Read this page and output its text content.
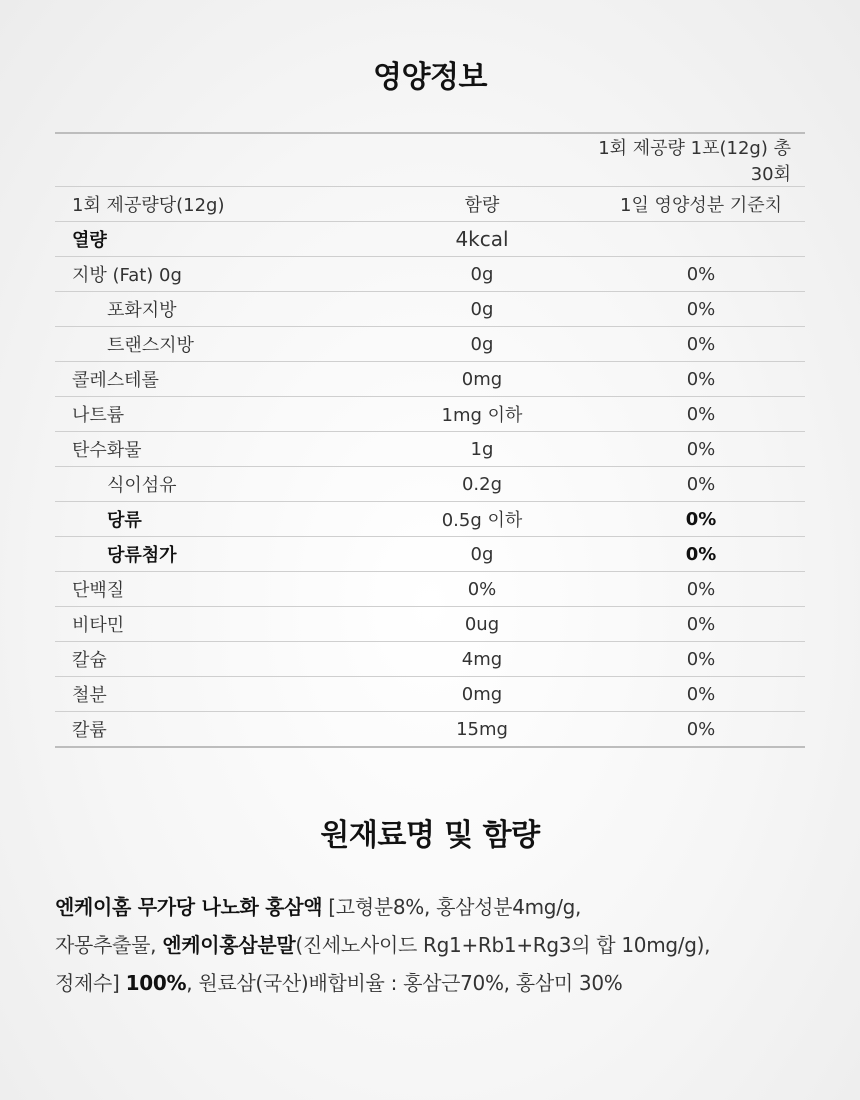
영양정보
		1회 제공량 1포(12g) 총 30회
1회 제공량당(12g)	함량	1일 영양성분 기준치
열량	4kcal	
지방 (Fat) 0g	0g	0%
포화지방	0g	0%
트랜스지방	0g	0%
콜레스테롤	0mg	0%
나트륨	1mg 이하	0%
탄수화물	1g	0%
식이섬유	0.2g	0%
당류	0.5g 이하	0%
당류첨가	0g	0%
단백질	0%	0%
비타민	0ug	0%
칼슘	4mg	0%
철분	0mg	0%
칼륨	15mg	0%
원재료명 및 함량
엔케이홈 무가당 나노화 홍삼액 [고형분8%, 홍삼성분4mg/g,
자몽추출물, 엔케이홍삼분말(진세노사이드 Rg1+Rb1+Rg3의 합 10mg/g),
정제수] 100%, 원료삼(국산)배합비율 : 홍삼근70%, 홍삼미 30%
